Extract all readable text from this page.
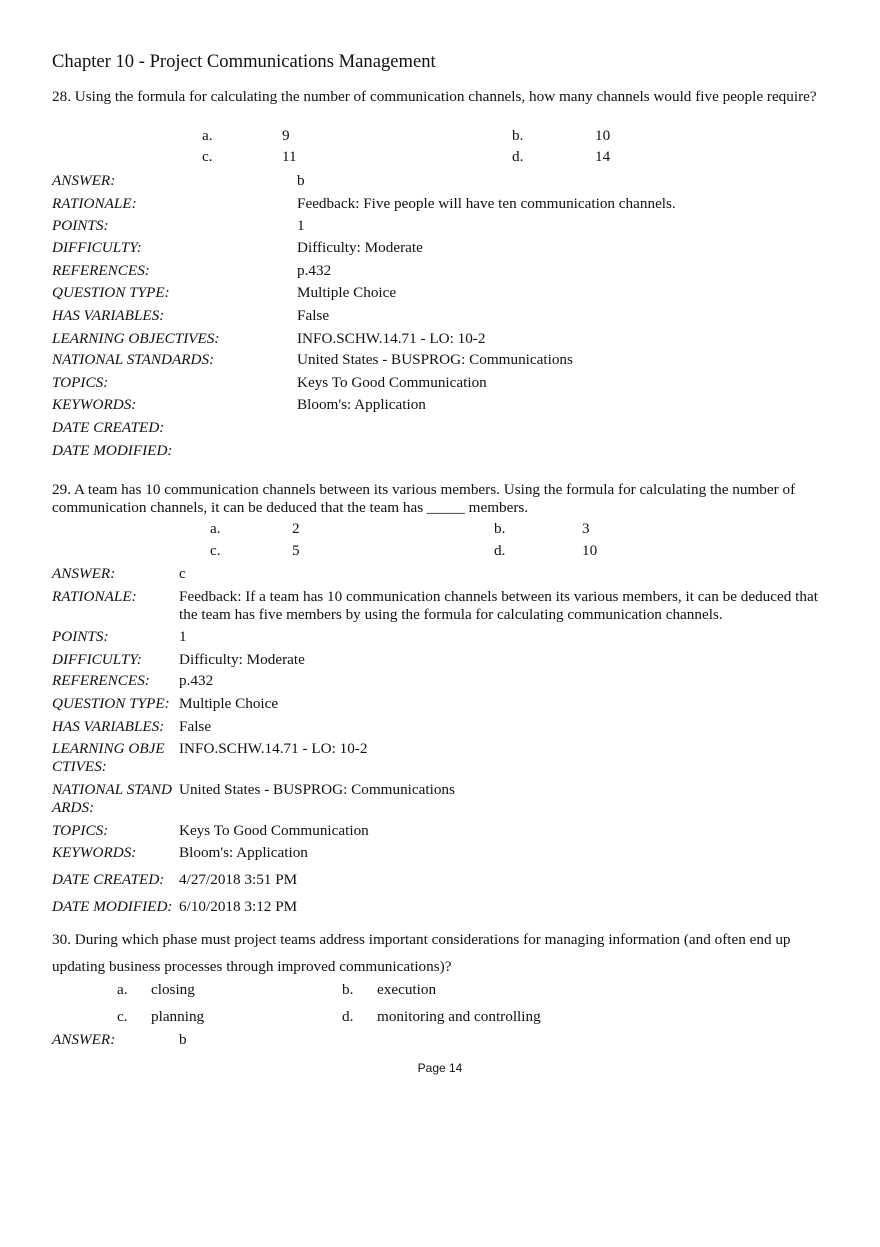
Chapter 10 - Project Communications Management
28. Using the formula for calculating the number of communication channels, how many channels would five people require?
a.	9	b.	10
c.	11	d.	14
ANSWER:	b
RATIONALE:	Feedback: Five people will have ten communication channels.
POINTS:	1
DIFFICULTY:	Difficulty: Moderate
REFERENCES:	p.432
QUESTION TYPE:	Multiple Choice
HAS VARIABLES:	False
LEARNING OBJECTIVES:	INFO.SCHW.14.71 - LO: 10-2
NATIONAL STANDARDS:	United States - BUSPROG: Communications
TOPICS:	Keys To Good Communication
KEYWORDS:	Bloom's: Application
DATE CREATED:
DATE MODIFIED:
29. A team has 10 communication channels between its various members. Using the formula for calculating the number of communication channels, it can be deduced that the team has _____ members.
a.	2	b.	3
c.	5	d.	10
ANSWER:	c
RATIONALE:	Feedback: If a team has 10 communication channels between its various members, it can be deduced that the team has five members by using the formula for calculating communication channels.
POINTS:	1
DIFFICULTY: Difficulty: Moderate
REFERENCES: p.432
QUESTION TYPE: Multiple Choice
HAS VARIABLES: False
LEARNING OBJE CTIVES:
INFO.SCHW.14.71 - LO: 10-2
NATIONAL STAND ARDS:
United States - BUSPROG: Communications
TOPICS:	Keys To Good Communication
KEYWORDS:	Bloom's: Application
DATE CREATED: 4/27/2018 3:51 PM
DATE MODIFIED: 6/10/2018 3:12 PM
30. During which phase must project teams address important considerations for managing information (and often end up updating business processes through improved communications)?
a. closing	b. execution
c. planning	d. monitoring and controlling
ANSWER:	b
Page 14
